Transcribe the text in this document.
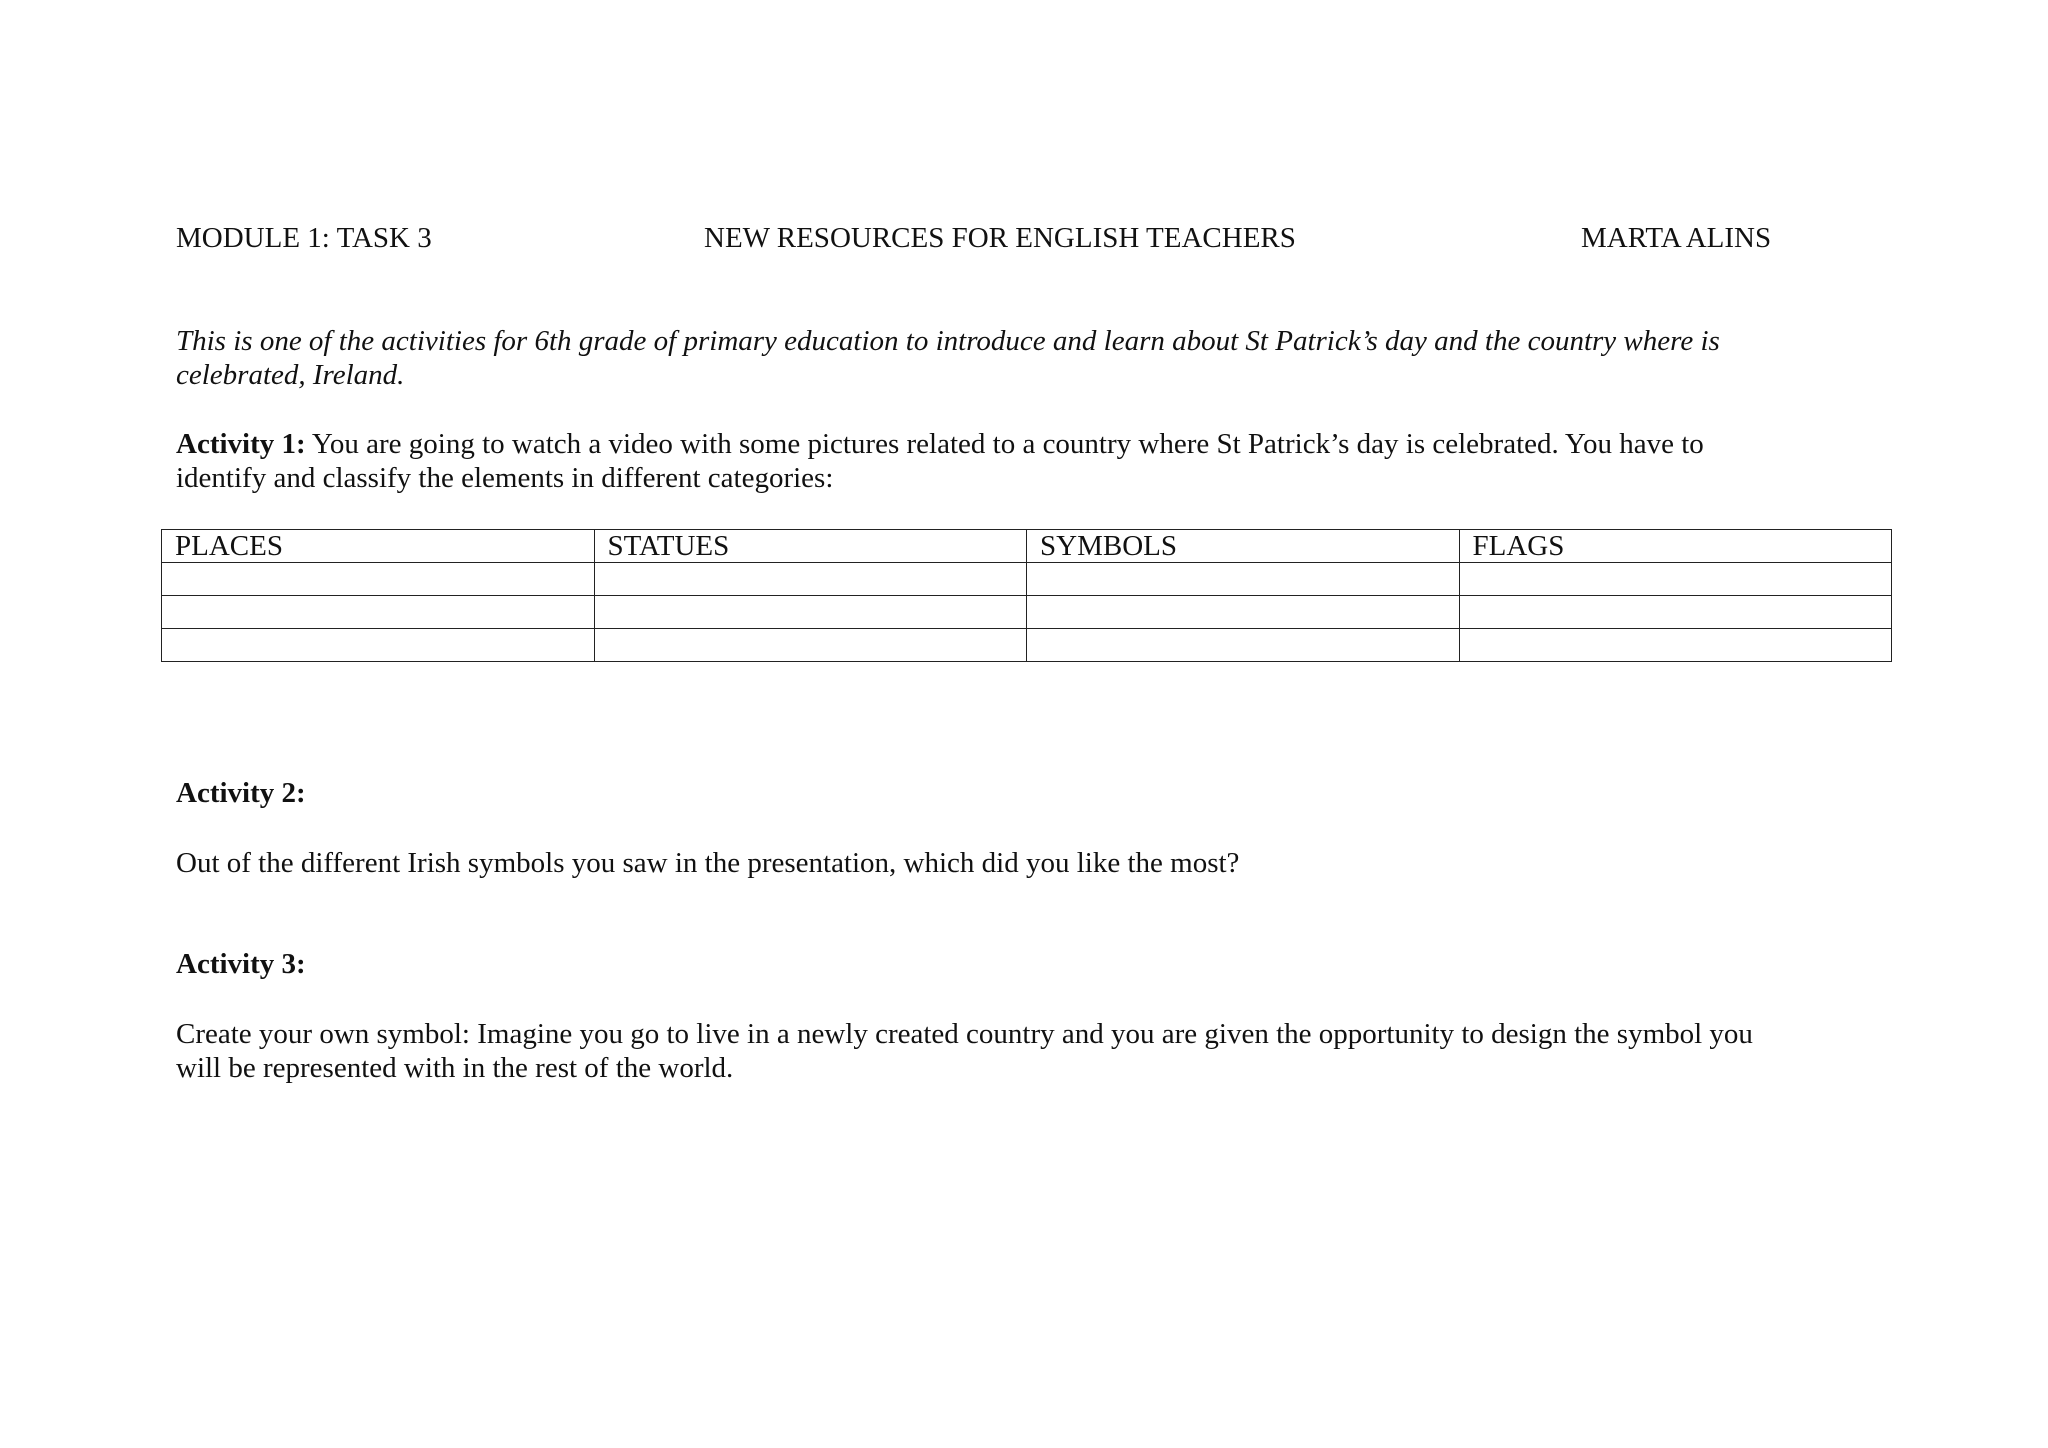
MODULE 1: TASK 3	NEW RESOURCES FOR ENGLISH TEACHERS	MARTA ALINS
This is one of the activities for 6th grade of primary education to introduce and learn about St Patrick’s day and the country where is
celebrated, Ireland.
Activity 1: You are going to watch a video with some pictures related to a country where St Patrick’s day is celebrated. You have to
identify and classify the elements in different categories:
PLACES	STATUES	SYMBOLS	FLAGS

Activity 2:
Out of the different Irish symbols you saw in the presentation, which did you like the most?
Activity 3:
Create your own symbol: Imagine you go to live in a newly created country and you are given the opportunity to design the symbol you
will be represented with in the rest of the world.
